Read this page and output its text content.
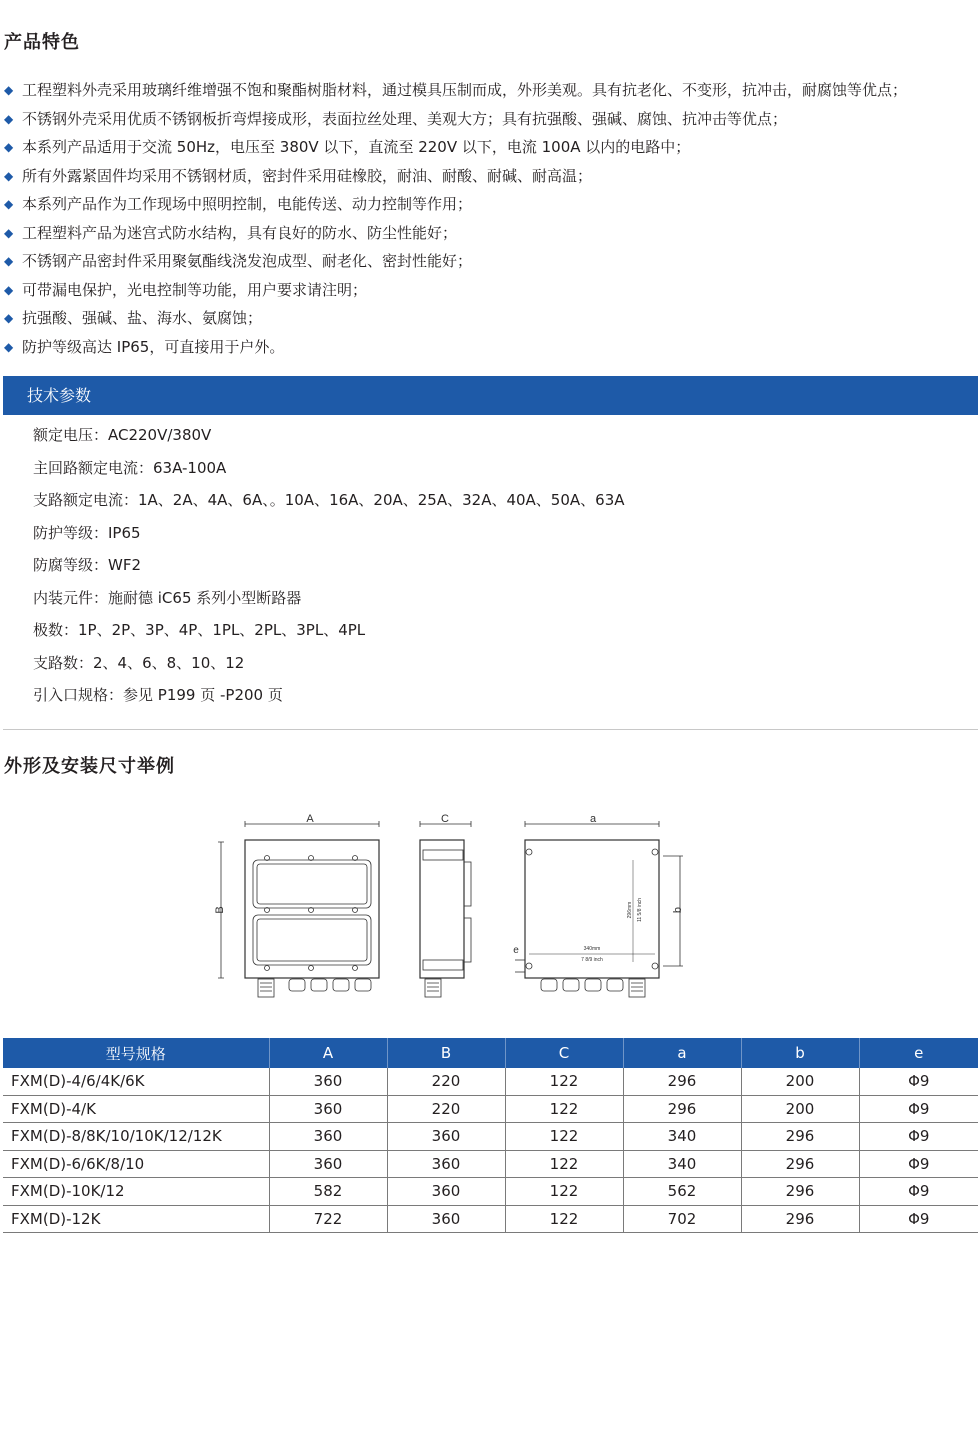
产品特色
◆ 工程塑料外壳采用玻璃纤维增强不饱和聚酯树脂材料，通过模具压制而成，外形美观。具有抗老化、不变形，抗冲击，耐腐蚀等优点；
◆ 不锈钢外壳采用优质不锈钢板折弯焊接成形，表面拉丝处理、美观大方；具有抗强酸、强碱、腐蚀、抗冲击等优点；
◆ 本系列产品适用于交流 50Hz，电压至 380V 以下，直流至 220V 以下，电流 100A 以内的电路中；
◆ 所有外露紧固件均采用不锈钢材质，密封件采用硅橡胶，耐油、耐酸、耐碱、耐高温；
◆ 本系列产品作为工作现场中照明控制，电能传送、动力控制等作用；
◆ 工程塑料产品为迷宫式防水结构，具有良好的防水、防尘性能好；
◆ 不锈钢产品密封件采用聚氨酯线浇发泡成型、耐老化、密封性能好；
◆ 可带漏电保护，光电控制等功能，用户要求请注明；
◆ 抗强酸、强碱、盐、海水、氨腐蚀；
◆ 防护等级高达 IP65，可直接用于户外。
技术参数
额定电压：AC220V/380V
主回路额定电流：63A-100A
支路额定电流：1A、2A、4A、6A、。10A、16A、20A、25A、32A、40A、50A、63A
防护等级：IP65
防腐等级：WF2
内装元件：施耐德 iC65 系列小型断路器
极数：1P、2P、3P、4P、1PL、2PL、3PL、4PL
支路数：2、4、6、8、10、12
引入口规格：参见 P199 页 -P200 页
外形及安装尺寸举例
A
B
C	a
b
296mm 11 5/8 inch
340mm
7 8/9 inch
e
型号规格	A	B	C	a	b	e
FXM(D)-4/6/4K/6K	360	220	122	296	200	Φ9
FXM(D)-4/K	360	220	122	296	200	Φ9
FXM(D)-8/8K/10/10K/12/12K	360	360	122	340	296	Φ9
FXM(D)-6/6K/8/10	360	360	122	340	296	Φ9
FXM(D)-10K/12	582	360	122	562	296	Φ9
FXM(D)-12K	722	360	122	702	296	Φ9
